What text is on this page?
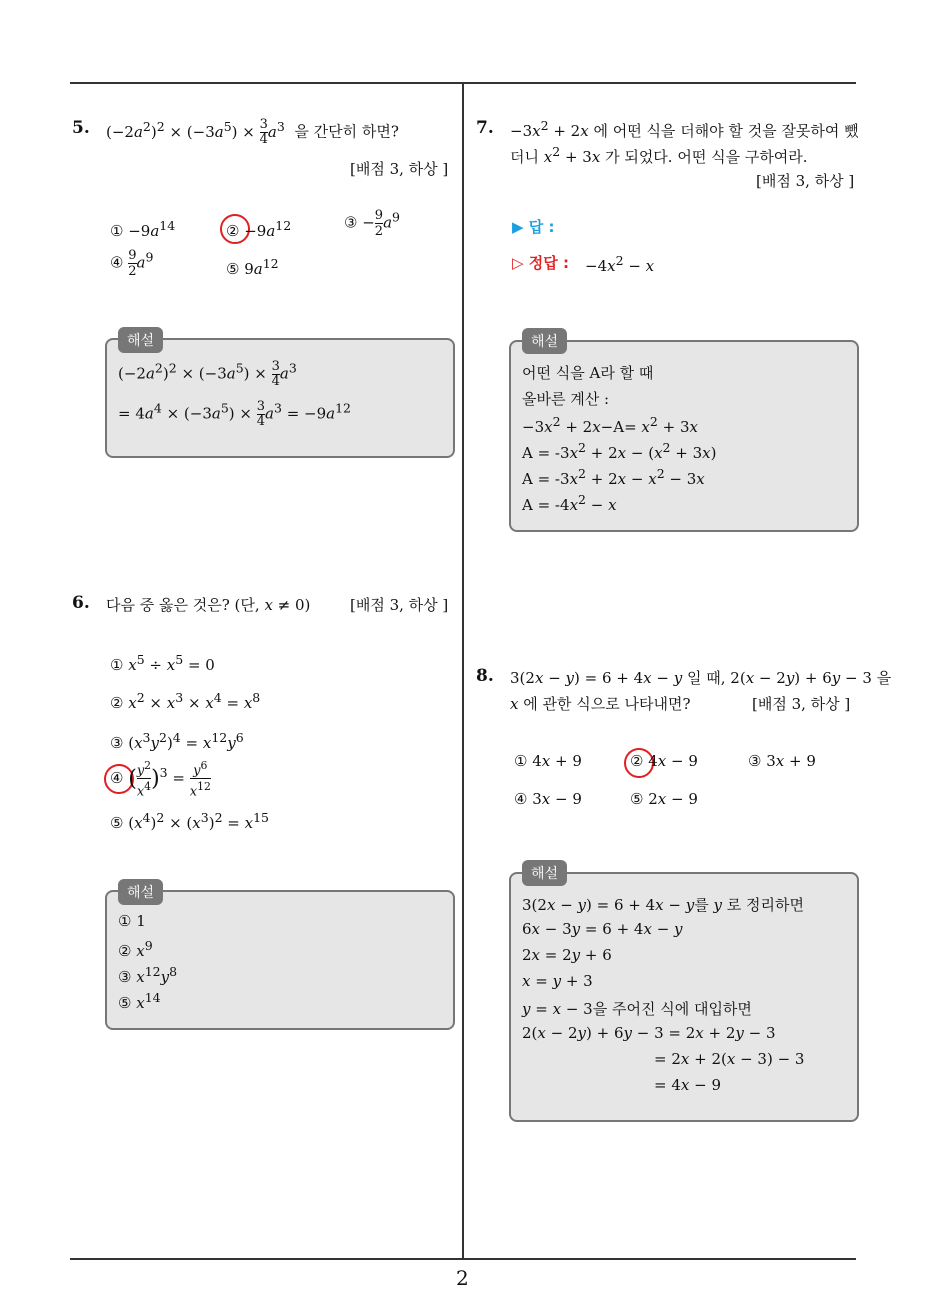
2
5. $(-2a^2)^2 \times (-3a^5) \times \frac{3}{4} a^3$  을 간단히 하면?
[배점 3, 하상 ]
① $-9a^{14}$	② $-9a^{12}$	③ − $\frac{9}{2} a^9$
④ $\frac{9}{2} a^9$
⑤ $9a^{12}$
해설
$(-2a^2)^2 \times (-3a^5) \times \frac{3}{4} a^3$
= $4a^4 \times (-3a^5) \times \frac{3}{4} a^3 = -9a^{12}$
6. 다음 중 옳은 것은? (단, x ≠ 0)	[배점 3, 하상 ]
① $x^5 \div x^5 = 0$
② $x^2 \times x^3 \times x^4 = x^8$
③ $(x^3y^2)^4 = x^{12}y^6$
④ ( $\frac{y^2}{x^4} )^3 = \frac{y^6}{x^{12}}$
⑤ $(x^4)^2 \times (x^3)^2 = x^{15}$
해설
① 1
② $x^9$
③ $x^{12}y^8$
⑤ $x^{14}$
7. $-3x^2 + 2x$ 에 어떤 식을 더해야 할 것을 잘못하여 뺐
더니 $x^2 + 3x$ 가 되었다. 어떤 식을 구하여라.
[배점 3, 하상 ]
▶ 답 :
▷ 정답 : $-4x^2 - x$
해설
어떤 식을 A라 할 때
올바른 계산 :
$-3x^2 + 2x-A= x^2 + 3x$
$A = -3x^2 + 2x - (x^2 + 3x)$
$A = -3x^2 + 2x - x^2 - 3x$
$A = -4x^2 - x$
8. 3(2x − y) = 6 + 4x − y 일 때, 2(x − 2y) + 6y − 3 을
x 에 관한 식으로 나타내면?	[배점 3, 하상 ]
① 4x + 9	② 4x − 9	③ 3x + 9
④ 3x − 9	⑤ 2x − 9
해설
3(2x − y) = 6 + 4x − y를 y 로 정리하면
6x − 3y = 6 + 4x − y
2x = 2y + 6
x = y + 3
y = x − 3을 주어진 식에 대입하면
2(x − 2y) + 6y − 3 = 2x + 2y − 3
= 2x + 2(x − 3) − 3
= 4x − 9
